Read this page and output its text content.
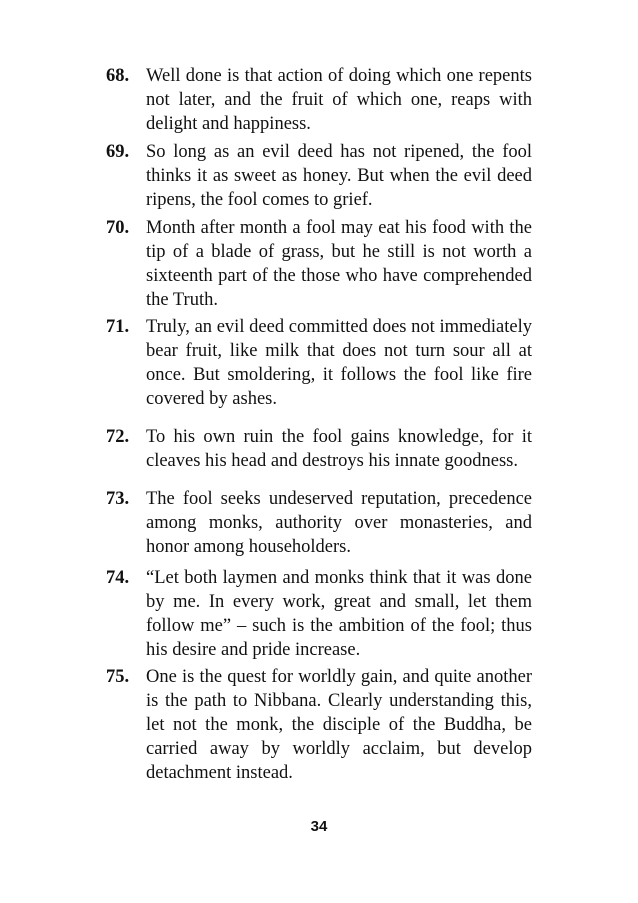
68. Well done is that action of doing which one repents not later, and the fruit of which one, reaps with delight and happiness.
69. So long as an evil deed has not ripened, the fool thinks it as sweet as honey. But when the evil deed ripens, the fool comes to grief.
70. Month after month a fool may eat his food with the tip of a blade of grass, but he still is not worth a sixteenth part of the those who have comprehended the Truth.
71. Truly, an evil deed committed does not immediately bear fruit, like milk that does not turn sour all at once. But smoldering, it follows the fool like fire covered by ashes.
72. To his own ruin the fool gains knowledge, for it cleaves his head and destroys his innate goodness.
73. The fool seeks undeserved reputation, precedence among monks, authority over monasteries, and honor among householders.
74. “Let both laymen and monks think that it was done by me. In every work, great and small, let them follow me” – such is the ambition of the fool; thus his desire and pride increase.
75. One is the quest for worldly gain, and quite another is the path to Nibbana. Clearly understanding this, let not the monk, the disciple of the Buddha, be carried away by worldly acclaim, but develop detachment instead.
34
